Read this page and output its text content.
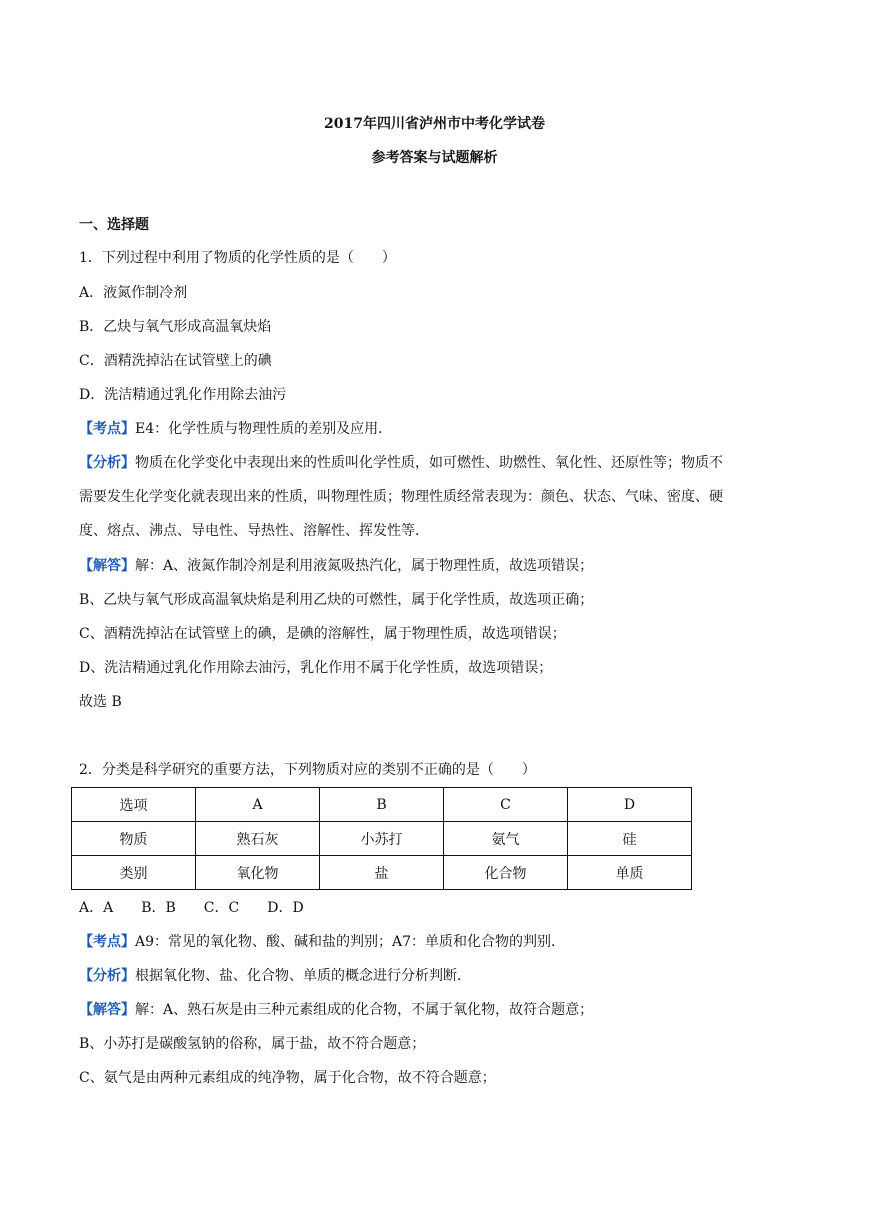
2017年四川省泸州市中考化学试卷
参考答案与试题解析
一、选择题
1．下列过程中利用了物质的化学性质的是（　　）
A．液氮作制冷剂
B．乙炔与氧气形成高温氧炔焰
C．酒精洗掉沾在试管壁上的碘
D．洗洁精通过乳化作用除去油污
【考点】E4：化学性质与物理性质的差别及应用．
【分析】物质在化学变化中表现出来的性质叫化学性质，如可燃性、助燃性、氧化性、还原性等；物质不
需要发生化学变化就表现出来的性质，叫物理性质；物理性质经常表现为：颜色、状态、气味、密度、硬
度、熔点、沸点、导电性、导热性、溶解性、挥发性等．
【解答】解：A、液氮作制冷剂是利用液氮吸热汽化，属于物理性质，故选项错误；
B、乙炔与氧气形成高温氧炔焰是利用乙炔的可燃性，属于化学性质，故选项正确；
C、酒精洗掉沾在试管壁上的碘，是碘的溶解性，属于物理性质，故选项错误；
D、洗洁精通过乳化作用除去油污，乳化作用不属于化学性质，故选项错误；
故选 B
2．分类是科学研究的重要方法，下列物质对应的类别不正确的是（　　）
选项	A	B	C	D
物质	熟石灰	小苏打	氨气	硅
类别	氧化物	盐	化合物	单质
A．A　　B．B　　C．C　　D．D
【考点】A9：常见的氧化物、酸、碱和盐的判别；A7：单质和化合物的判别．
【分析】根据氧化物、盐、化合物、单质的概念进行分析判断．
【解答】解：A、熟石灰是由三种元素组成的化合物，不属于氧化物，故符合题意；
B、小苏打是碳酸氢钠的俗称，属于盐，故不符合题意；
C、氨气是由两种元素组成的纯净物，属于化合物，故不符合题意；
